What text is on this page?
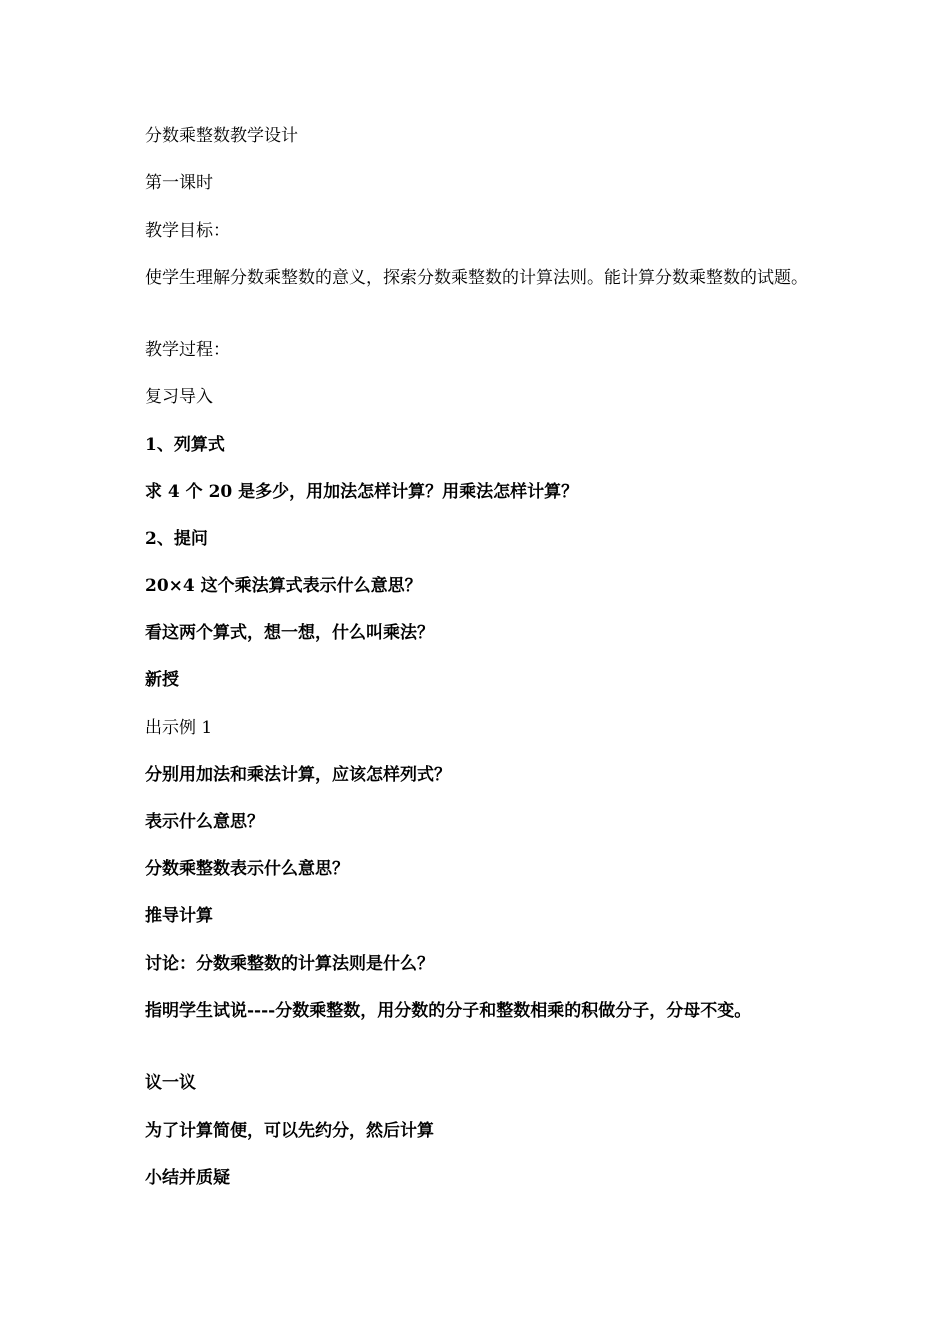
分数乘整数教学设计

第一课时

教学目标：

使学生理解分数乘整数的意义，探索分数乘整数的计算法则。能计算分数乘整数的试题。

教学过程：

复习导入

1、列算式

求 4 个 20 是多少，用加法怎样计算？用乘法怎样计算？

2、提问

20×4 这个乘法算式表示什么意思？

看这两个算式，想一想，什么叫乘法？

新授

出示例 1

分别用加法和乘法计算，应该怎样列式？

表示什么意思？

分数乘整数表示什么意思？

推导计算

讨论：分数乘整数的计算法则是什么？

指明学生试说----分数乘整数，用分数的分子和整数相乘的积做分子，分母不变。

议一议

为了计算简便，可以先约分，然后计算

小结并质疑
